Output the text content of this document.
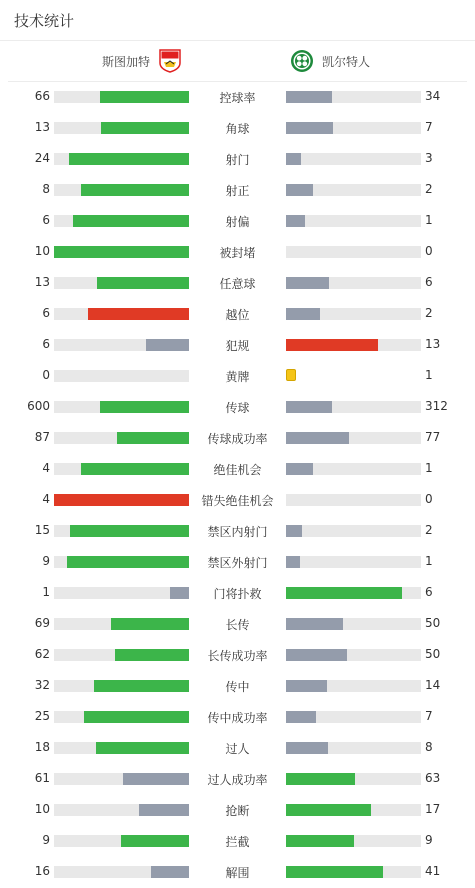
技术统计
斯图加特	凯尔特人
66	控球率	34
13	角球	7
24	射门	3
8	射正	2
6	射偏	1
10	被封堵	0
13	任意球	6
6	越位	2
6	犯规	13
0	黄牌	1
600	传球	312
87	传球成功率	77
4	绝佳机会	1
4	错失绝佳机会	0
15	禁区内射门	2
9	禁区外射门	1
1	门将扑救	6
69	长传	50
62	长传成功率	50
32	传中	14
25	传中成功率	7
18	过人	8
61	过人成功率	63
10	抢断	17
9	拦截	9
16	解围	41
